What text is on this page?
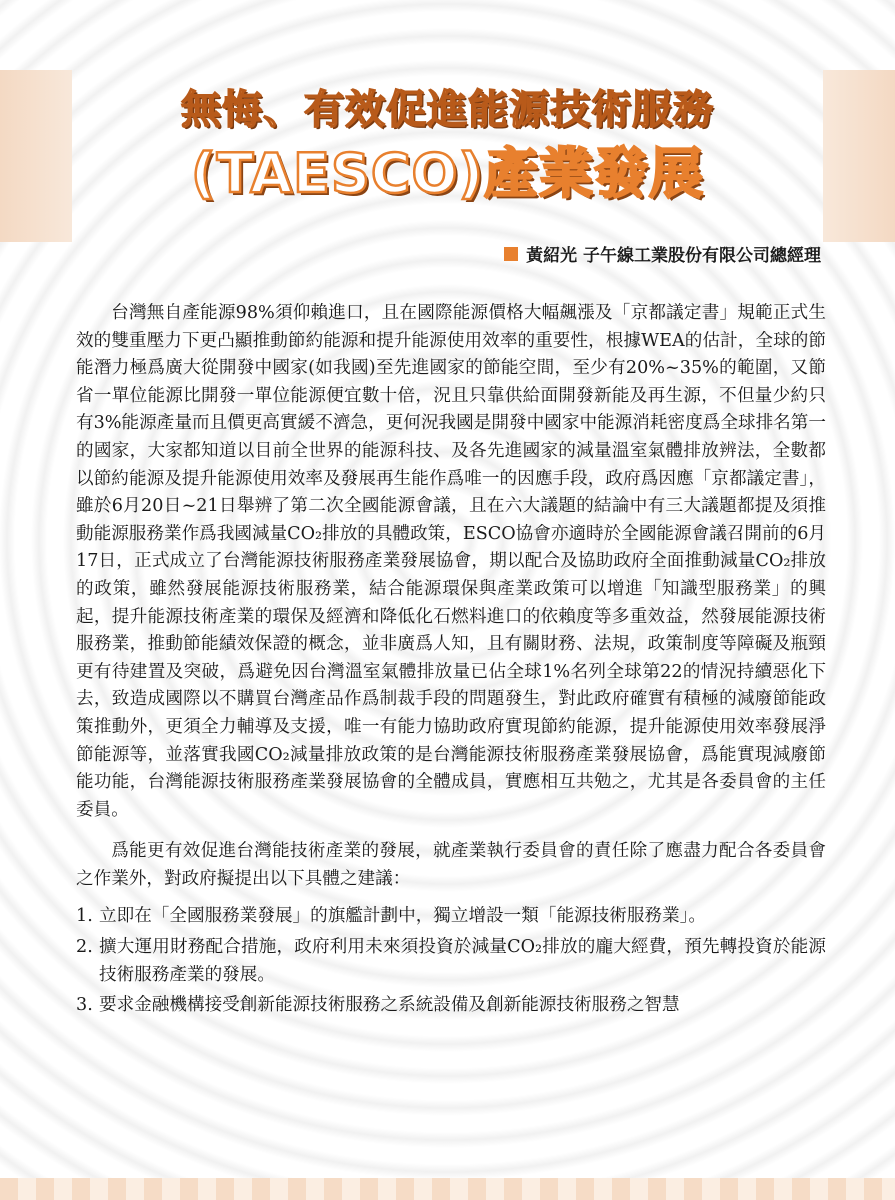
無悔、有效促進能源技術服務
(TAESCO)產業發展
黃紹光 子午線工業股份有限公司總經理

台灣無自產能源98%須仰賴進口，且在國際能源價格大幅飆漲及「京都議定書」規範正式生效的雙重壓力下更凸顯推動節約能源和提升能源使用效率的重要性，根據WEA的估計，全球的節能潛力極爲廣大從開發中國家(如我國)至先進國家的節能空間，至少有20%~35%的範圍，又節省一單位能源比開發一單位能源便宜數十倍，況且只靠供給面開發新能及再生源，不但量少約只有3%能源產量而且價更高實緩不濟急，更何況我國是開發中國家中能源消耗密度爲全球排名第一的國家，大家都知道以目前全世界的能源科技、及各先進國家的減量溫室氣體排放辨法，全數都以節約能源及提升能源使用效率及發展再生能作爲唯一的因應手段，政府爲因應「京都議定書」，雖於6月20日~21日舉辨了第二次全國能源會議，且在六大議題的結論中有三大議題都提及須推動能源服務業作爲我國減量CO₂排放的具體政策，ESCO協會亦適時於全國能源會議召開前的6月17日，正式成立了台灣能源技術服務產業發展協會，期以配合及協助政府全面推動減量CO₂排放的政策，雖然發展能源技術服務業，結合能源環保與產業政策可以增進「知識型服務業」的興起，提升能源技術產業的環保及經濟和降低化石燃料進口的依賴度等多重效益，然發展能源技術服務業，推動節能績效保證的概念，並非廣爲人知，且有關財務、法規，政策制度等障礙及瓶頸更有待建置及突破，爲避免因台灣溫室氣體排放量已佔全球1%名列全球第22的情況持續惡化下去，致造成國際以不購買台灣產品作爲制裁手段的問題發生，對此政府確實有積極的減廢節能政策推動外，更須全力輔導及支援，唯一有能力協助政府實現節約能源，提升能源使用效率發展淨節能源等，並落實我國CO₂減量排放政策的是台灣能源技術服務產業發展協會，爲能實現減廢節能功能，台灣能源技術服務產業發展協會的全體成員，實應相互共勉之，尤其是各委員會的主任委員。

爲能更有效促進台灣能技術產業的發展，就產業執行委員會的責任除了應盡力配合各委員會之作業外，對政府擬提出以下具體之建議：

1. 立即在「全國服務業發展」的旗艦計劃中，獨立增設一類「能源技術服務業」。
2. 擴大運用財務配合措施，政府利用未來須投資於減量CO₂排放的龐大經費，預先轉投資於能源技術服務產業的發展。
3. 要求金融機構接受創新能源技術服務之系統設備及創新能源技術服務之智慧
